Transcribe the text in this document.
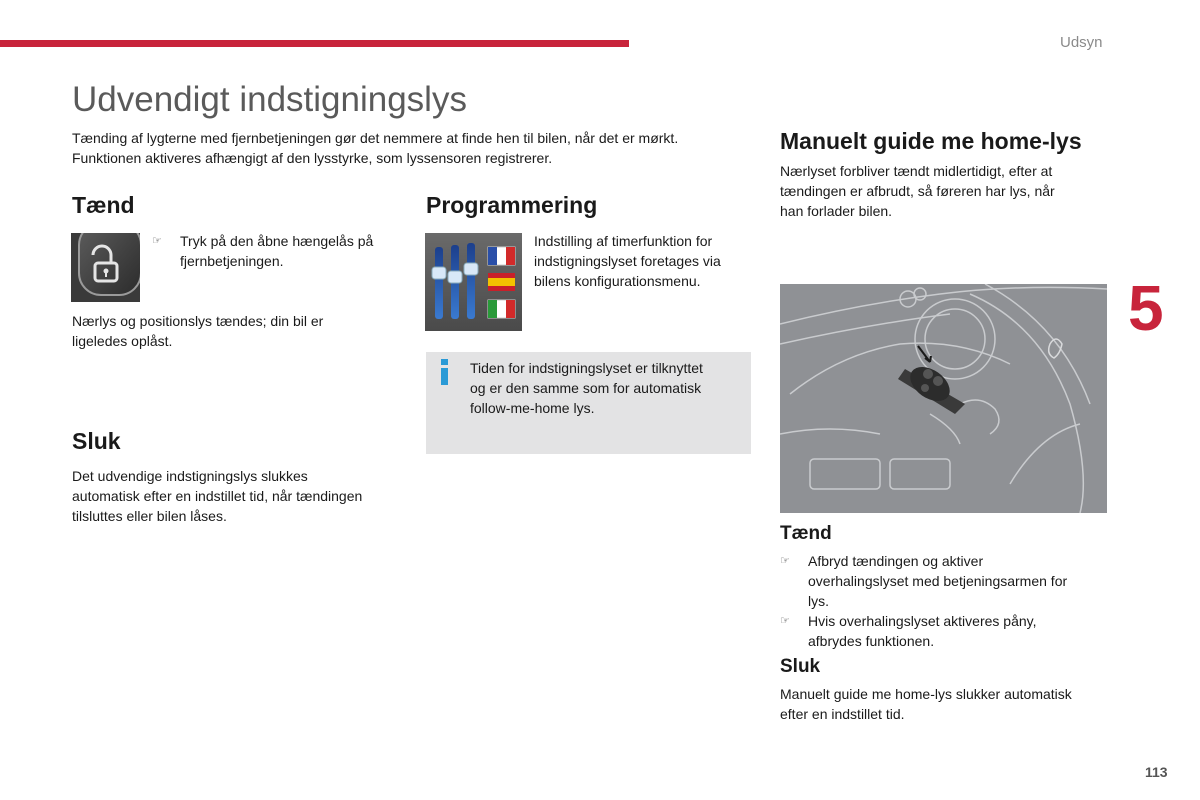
Udsyn
5
113
Udvendigt indstigningslys

Tænding af lygterne med fjernbetjeningen gør det nemmere at finde hen til bilen, når det er mørkt.

Funktionen aktiveres afhængigt af den lysstyrke, som lyssensoren registrerer.

Tænd
☞ Tryk på den åbne hængelås på
fjernbetjeningen.
Nærlys og positionslys tændes; din bil er
ligeledes oplåst.
Sluk
Det udvendige indstigningslys slukkes
automatisk efter en indstillet tid, når tændingen
tilsluttes eller bilen låses.
Programmering
Indstilling af timerfunktion for
indstigningslyset foretages via
bilens konfigurationsmenu.
Tiden for indstigningslyset er tilknyttet
og er den samme som for automatisk
follow-me-home lys.
Manuelt guide me home-lys
Nærlyset forbliver tændt midlertidigt, efter at
tændingen er afbrudt, så føreren har lys, når
han forlader bilen.
Tænd
☞ Afbryd tændingen og aktiver
overhalingslyset med betjeningsarmen for
lys.
☞ Hvis overhalingslyset aktiveres påny,
afbrydes funktionen.
Sluk
Manuelt guide me home-lys slukker automatisk
efter en indstillet tid.
